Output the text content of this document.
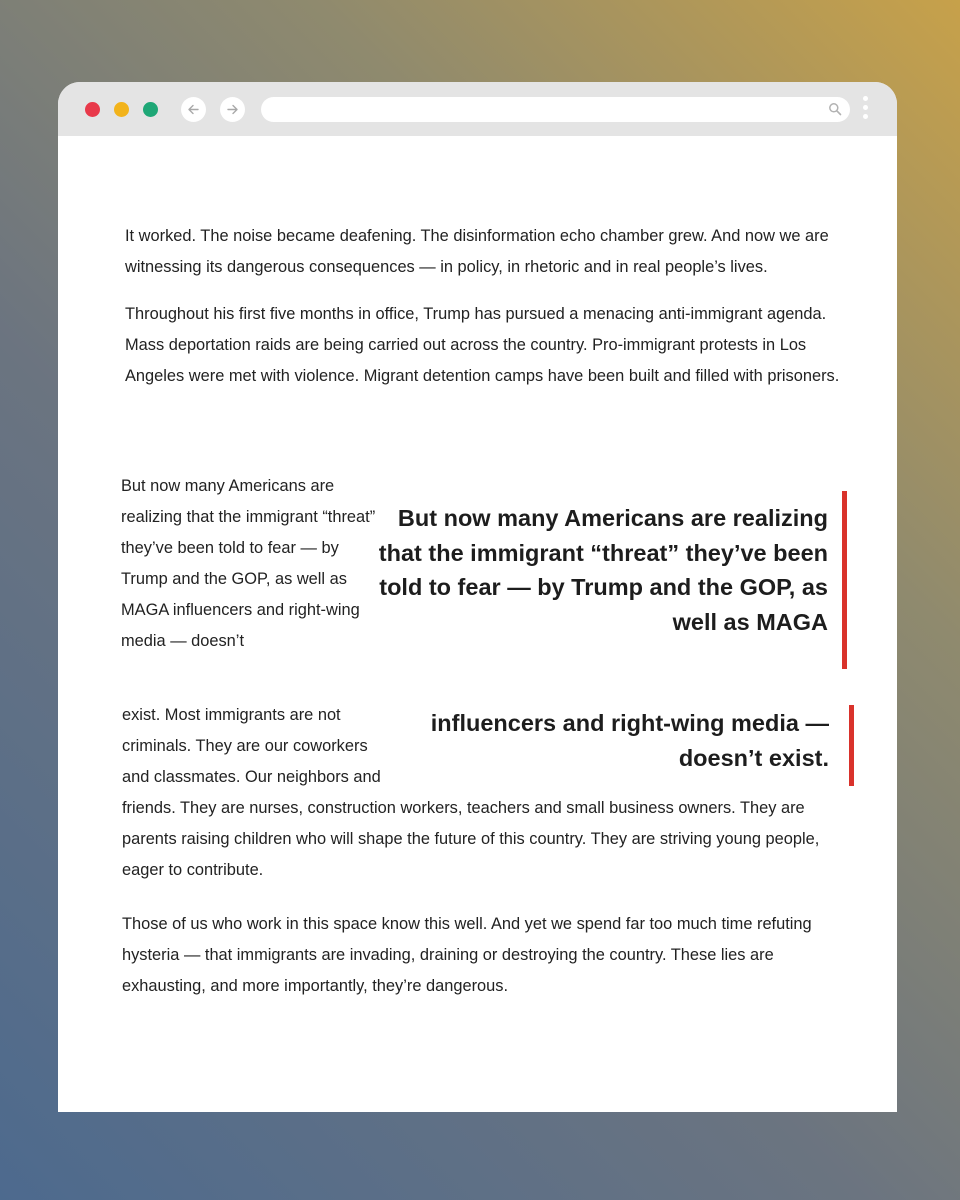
It worked. The noise became deafening. The disinformation echo chamber grew. And now we are witnessing its dangerous consequences — in policy, in rhetoric and in real people’s lives.

Throughout his first five months in office, Trump has pursued a menacing anti-immigrant agenda. Mass deportation raids are being carried out across the country. Pro-immigrant protests in Los Angeles were met with violence. Migrant detention camps have been built and filled with prisoners.

But now many Americans are realizing that the immigrant “threat” they’ve been told to fear — by Trump and the GOP, as well as MAGA influencers and right-wing media — doesn’t

But now many Americans are realizing that the immigrant “threat” they’ve been told to fear — by Trump and the GOP, as well as MAGA
influencers and right-wing media — doesn’t exist.

exist. Most immigrants are not criminals. They are our coworkers and classmates. Our neighbors and friends. They are nurses, construction workers, teachers and small business owners. They are parents raising children who will shape the future of this country. They are striving young people, eager to contribute.

Those of us who work in this space know this well. And yet we spend far too much time refuting hysteria — that immigrants are invading, draining or destroying the country. These lies are exhausting, and more importantly, they’re dangerous.
